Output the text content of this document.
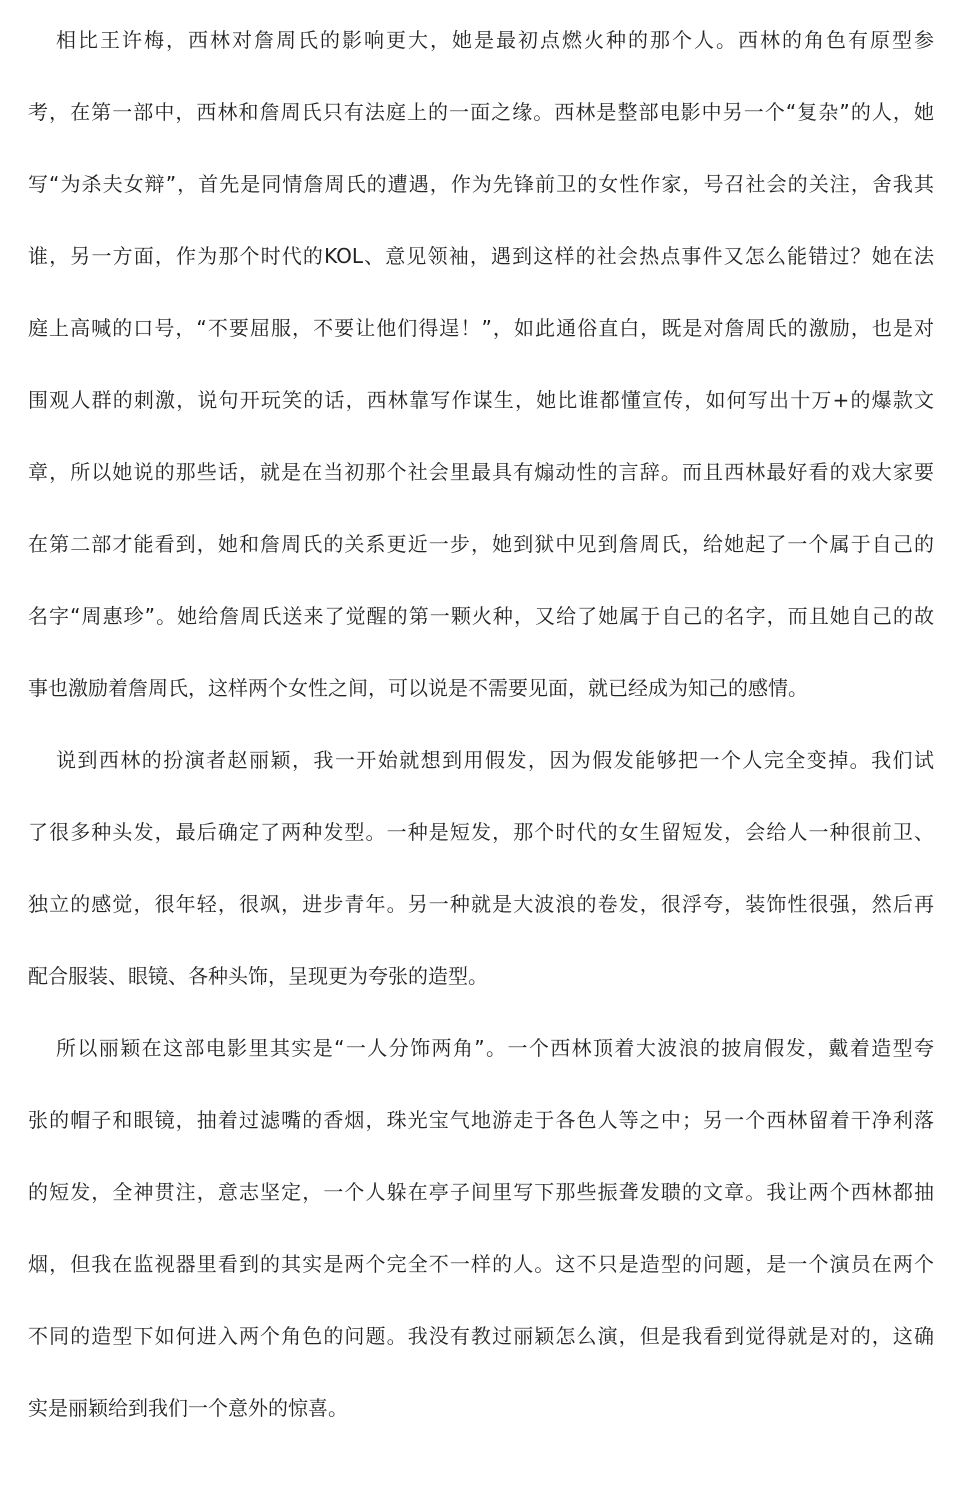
相比王许梅，西林对詹周氏的影响更大，她是最初点燃火种的那个人。西林的角色有原型参
考，在第一部中，西林和詹周氏只有法庭上的一面之缘。西林是整部电影中另一个“复杂”的人，她
写“为杀夫女辩”，首先是同情詹周氏的遭遇，作为先锋前卫的女性作家，号召社会的关注，舍我其
谁，另一方面，作为那个时代的KOL、意见领袖，遇到这样的社会热点事件又怎么能错过？她在法
庭上高喊的口号，“不要屈服，不要让他们得逞！”，如此通俗直白，既是对詹周氏的激励，也是对
围观人群的刺激，说句开玩笑的话，西林靠写作谋生，她比谁都懂宣传，如何写出十万+的爆款文
章，所以她说的那些话，就是在当初那个社会里最具有煽动性的言辞。而且西林最好看的戏大家要
在第二部才能看到，她和詹周氏的关系更近一步，她到狱中见到詹周氏，给她起了一个属于自己的
名字“周惠珍”。她给詹周氏送来了觉醒的第一颗火种，又给了她属于自己的名字，而且她自己的故
事也激励着詹周氏，这样两个女性之间，可以说是不需要见面，就已经成为知己的感情。
说到西林的扮演者赵丽颖，我一开始就想到用假发，因为假发能够把一个人完全变掉。我们试
了很多种头发，最后确定了两种发型。一种是短发，那个时代的女生留短发，会给人一种很前卫、
独立的感觉，很年轻，很飒，进步青年。另一种就是大波浪的卷发，很浮夸，装饰性很强，然后再
配合服装、眼镜、各种头饰，呈现更为夸张的造型。
所以丽颖在这部电影里其实是“一人分饰两角”。一个西林顶着大波浪的披肩假发，戴着造型夸
张的帽子和眼镜，抽着过滤嘴的香烟，珠光宝气地游走于各色人等之中；另一个西林留着干净利落
的短发，全神贯注，意志坚定，一个人躲在亭子间里写下那些振聋发聩的文章。我让两个西林都抽
烟，但我在监视器里看到的其实是两个完全不一样的人。这不只是造型的问题，是一个演员在两个
不同的造型下如何进入两个角色的问题。我没有教过丽颖怎么演，但是我看到觉得就是对的，这确
实是丽颖给到我们一个意外的惊喜。
